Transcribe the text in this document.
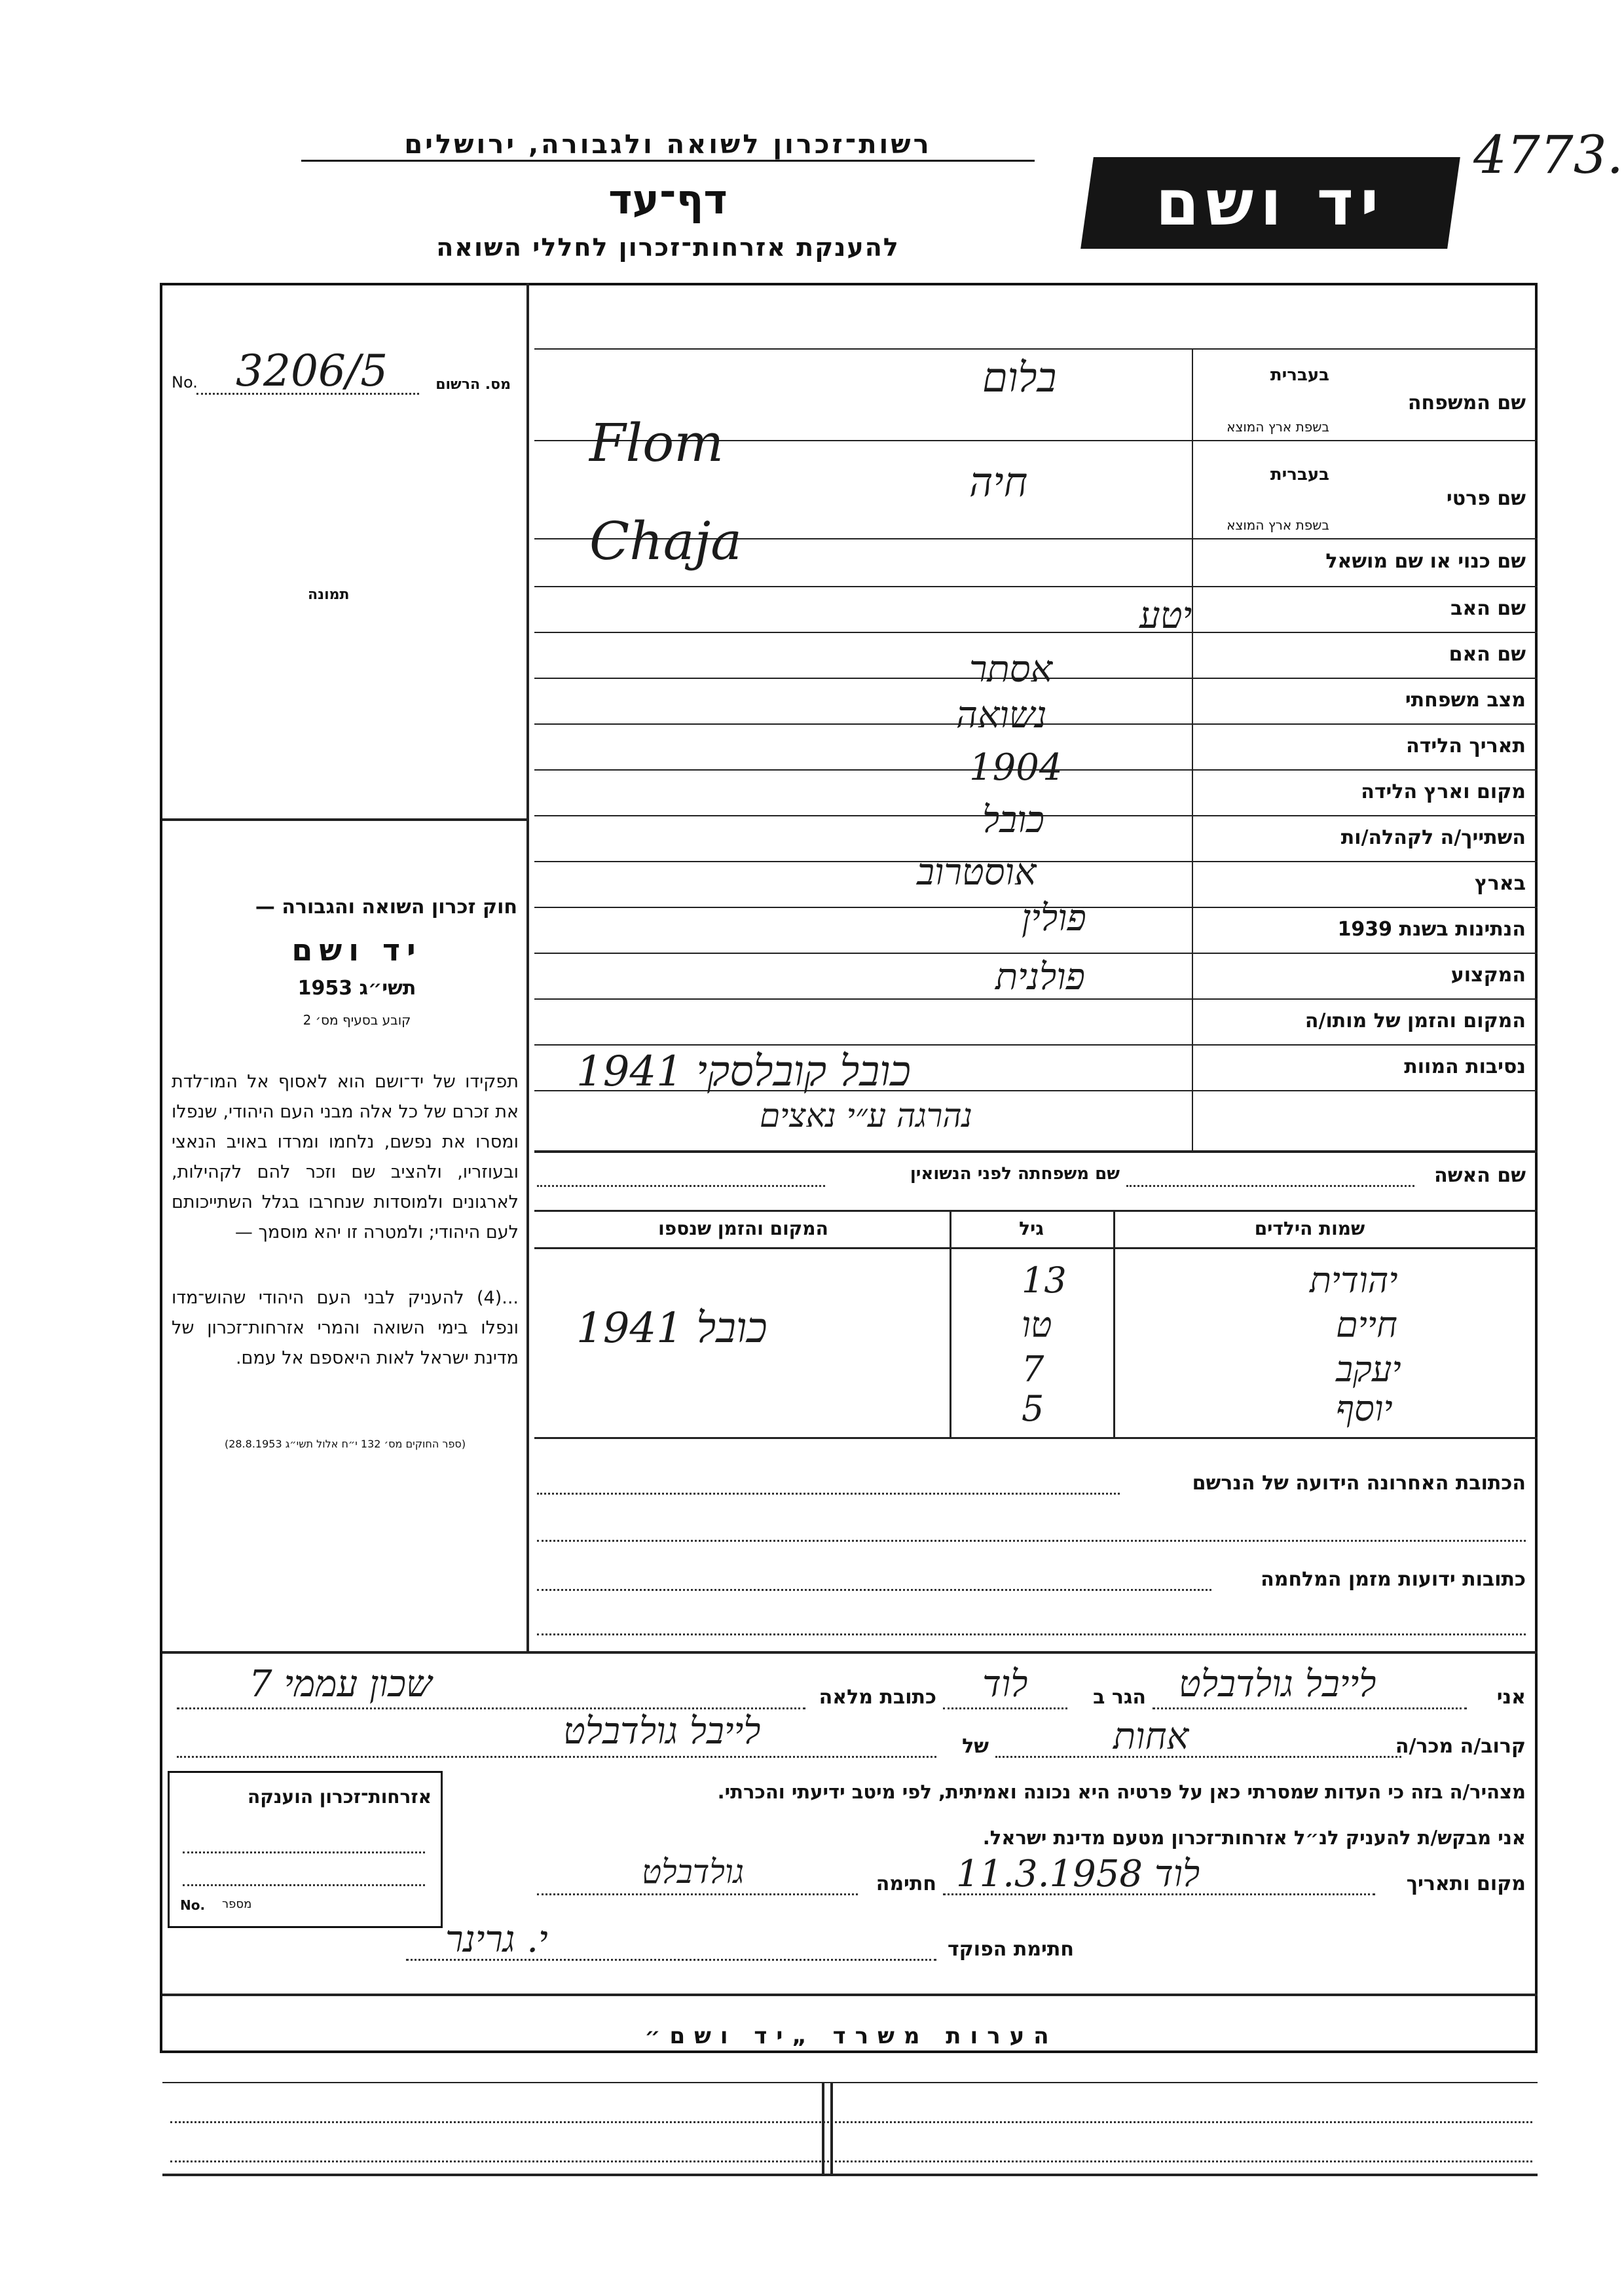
רשות־זכרון לשואה ולגבורה, ירושלים
דף־עד
להענקת אזרחות־זכרון לחללי השואה
יד ושם
4773.
מס. הרשום
No. 3206/5
תמונה
חוק זכרון השואה והגבורה —
יד ושם
תשי״ג 1953
קובע בסעיף מס׳ 2
תפקידו של יד־ושם הוא לאסוף אל המו־לדת את זכרם של כל אלה מבני העם היהודי, שנפלו ומסרו את נפשם, נלחמו ומרדו באויב הנאצי ובעוזריו, ולהציב שם וזכר להם לקהילות, לארגונים ולמוסדות שנחרבו בגלל השתייכותם לעם היהודי; ולמטרה זו יהא מוסמך —
...(4) להעניק לבני העם היהודי שהוש־מדו ונפלו בימי השואה והמרי אזרחות־זכרון של מדינת ישראל לאות היאספם אל עמם.
(ספר החוקים מס׳ 132 י״ח אלול תשי״ג 28.8.1953)
בעברית
שם המשפחה
בשפת ארץ המוצא
בעברית
שם פרטי
בשפת ארץ המוצא
שם כנוי או שם מושאל
שם האב
שם האם
מצב משפחתי
תאריך הלידה
מקום וארץ הלידה
השתייך/ה לקהלה/ות
בארץ
הנתינות בשנת 1939
המקצוע
המקום והזמן של מותו/ה
נסיבות המוות
בלום
Flom
חיה
Chaja
יטע
אסתר
נשואה
1904
כובל
אוסטרוב
פולין
פולנית
כובל קובלסקי 1941
נהרגה ע״י נאצים
שם האשה
שם משפחתה לפני הנשואין
שמות הילדים
גיל
המקום והזמן שנספו
יהודית
13
חיים
טו
כובל 1941
יעקב
7
יוסף
5
הכתובת האחרונה הידועה של הנרשם
כתובות ידועות מזמן המלחמה
אני
לייבל גולדבלט
הגר ב
לוד
כתובת מלאה
שכון עממי 7
קרוב/ה מכר/ה
אחות
של
לייבל גולדבלט
מצהיר/ה בזה כי העדות שמסרתי כאן על פרטיה היא נכונה ואמיתית, לפי מיטב ידיעתי והכרתי.
אני מבקש/ת להעניק לנ״ל אזרחות־זכרון מטעם מדינת ישראל.
מקום ותאריך
לוד 11.3.1958
חתימה
גולדבלט
חתימת הפוקד
י. גרינר
אזרחות־זכרון הוענקה
No. מספר
הערות משרד „יד ושם״
